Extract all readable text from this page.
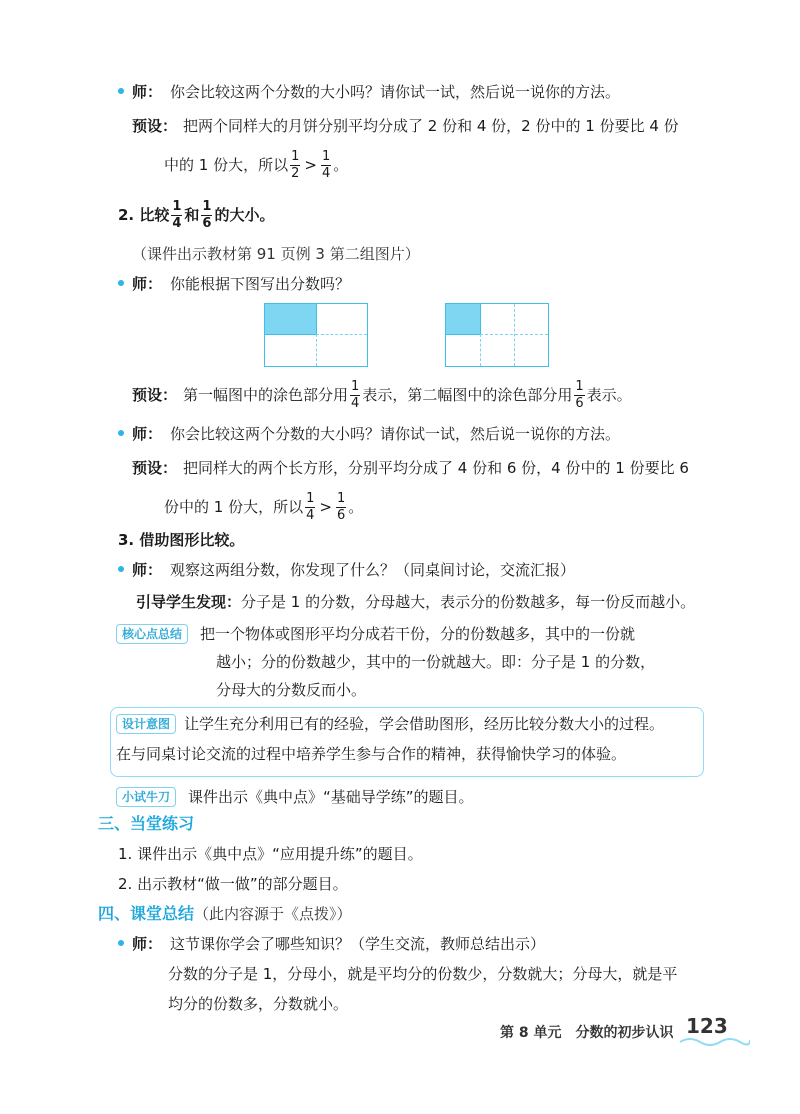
师： 你会比较这两个分数的大小吗？请你试一试，然后说一说你的方法。
预设： 把两个同样大的月饼分别平均分成了 2 份和 4 份，2 份中的 1 份要比 4 份
中的 1 份大，所以 $\frac{1}{2} > \frac{1}{4}$ 。
2. 比较 $\frac{1}{4}$ 和 $\frac{1}{6}$ 的大小。
（课件出示教材第 91 页例 3 第二组图片）
师： 你能根据下图写出分数吗？
预设： 第一幅图中的涂色部分用 $\frac{1}{4}$ 表示，第二幅图中的涂色部分用 $\frac{1}{6}$ 表示。
师： 你会比较这两个分数的大小吗？请你试一试，然后说一说你的方法。
预设： 把同样大的两个长方形，分别平均分成了 4 份和 6 份，4 份中的 1 份要比 6
份中的 1 份大，所以 $\frac{1}{4} > \frac{1}{6}$ 。
3. 借助图形比较。
师： 观察这两组分数，你发现了什么？（同桌间讨论，交流汇报）
引导学生发现：分子是 1 的分数，分母越大，表示分的份数越多，每一份反而越小。
核心点总结 把一个物体或图形平均分成若干份，分的份数越多，其中的一份就
越小；分的份数越少，其中的一份就越大。即：分子是 1 的分数，
分母大的分数反而小。
设计意图 让学生充分利用已有的经验，学会借助图形，经历比较分数大小的过程。
在与同桌讨论交流的过程中培养学生参与合作的精神，获得愉快学习的体验。
小试牛刀 课件出示《典中点》“基础导学练”的题目。
三、当堂练习
1. 课件出示《典中点》“应用提升练”的题目。
2. 出示教材“做一做”的部分题目。
四、课堂总结（此内容源于《点拨》）
师： 这节课你学会了哪些知识？（学生交流，教师总结出示）
分数的分子是 1，分母小，就是平均分的份数少，分数就大；分母大，就是平
均分的份数多，分数就小。
第 8 单元　分数的初步认识 123
